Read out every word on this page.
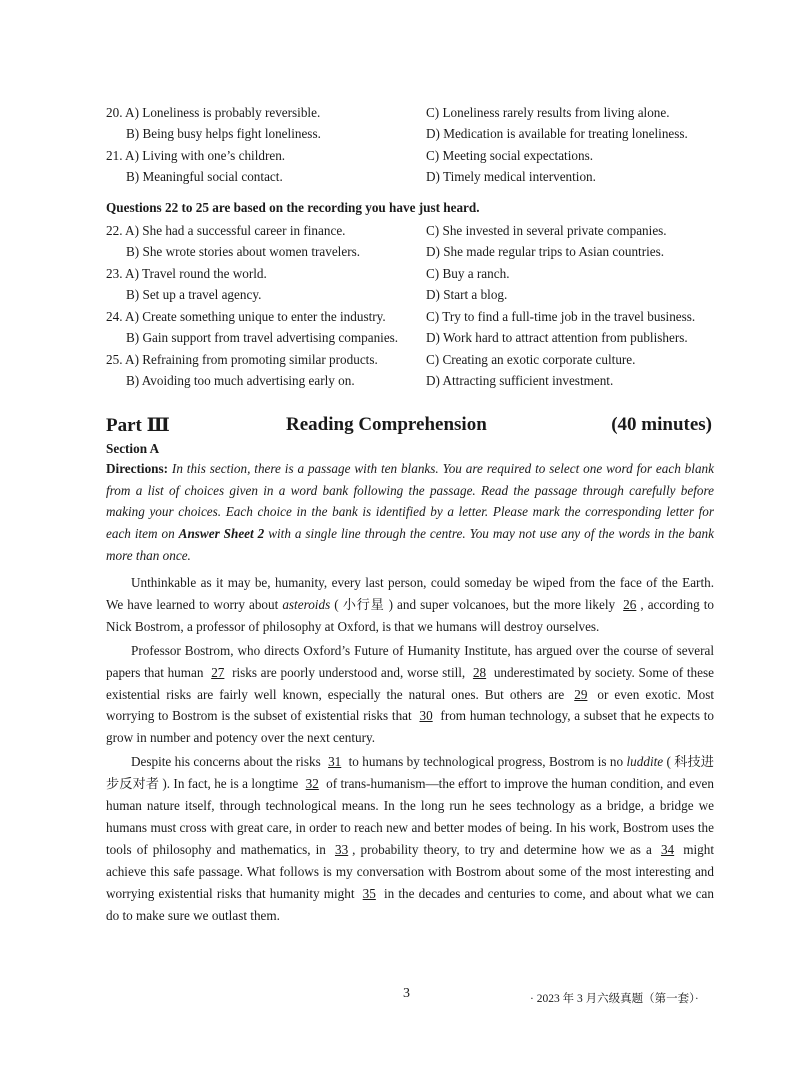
20. A) Loneliness is probably reversible.	C) Loneliness rarely results from living alone.
B) Being busy helps fight loneliness.	D) Medication is available for treating loneliness.
21. A) Living with one’s children.	C) Meeting social expectations.
B) Meaningful social contact.	D) Timely medical intervention.
Questions 22 to 25 are based on the recording you have just heard.
22. A) She had a successful career in finance.	C) She invested in several private companies.
B) She wrote stories about women travelers.	D) She made regular trips to Asian countries.
23. A) Travel round the world.	C) Buy a ranch.
B) Set up a travel agency.	D) Start a blog.
24. A) Create something unique to enter the industry.	C) Try to find a full-time job in the travel business.
B) Gain support from travel advertising companies. D) Work hard to attract attention from publishers.
25. A) Refraining from promoting similar products.	C) Creating an exotic corporate culture.
B) Avoiding too much advertising early on.	D) Attracting sufficient investment.
Part Ⅲ	Reading Comprehension	(40 minutes)
Section A
Directions: In this section, there is a passage with ten blanks. You are required to select one word for each blank from a list of choices given in a word bank following the passage. Read the passage through carefully before making your choices. Each choice in the bank is identified by a letter. Please mark the corresponding letter for each item on Answer Sheet 2 with a single line through the centre. You may not use any of the words in the bank more than once.

Unthinkable as it may be, humanity, every last person, could someday be wiped from the face of the Earth. We have learned to worry about asteroids ( 小行星 ) and super volcanoes, but the more likely 26 , according to Nick Bostrom, a professor of philosophy at Oxford, is that we humans will destroy ourselves.

Professor Bostrom, who directs Oxford’s Future of Humanity Institute, has argued over the course of several papers that human 27 risks are poorly understood and, worse still, 28 underestimated by society. Some of these existential risks are fairly well known, especially the natural ones. But others are 29 or even exotic. Most worrying to Bostrom is the subset of existential risks that 30 from human technology, a subset that he expects to grow in number and potency over the next century.

Despite his concerns about the risks 31 to humans by technological progress, Bostrom is no luddite ( 科技进步反对者 ). In fact, he is a longtime 32 of trans-humanism—the effort to improve the human condition, and even human nature itself, through technological means. In the long run he sees technology as a bridge, a bridge we humans must cross with great care, in order to reach new and better modes of being. In his work, Bostrom uses the tools of philosophy and mathematics, in 33 , probability theory, to try and determine how we as a 34 might achieve this safe passage. What follows is my conversation with Bostrom about some of the most interesting and worrying existential risks that humanity might 35 in the decades and centuries to come, and about what we can do to make sure we outlast them.

3	· 2023 年 3 月六级真题（第一套）·
